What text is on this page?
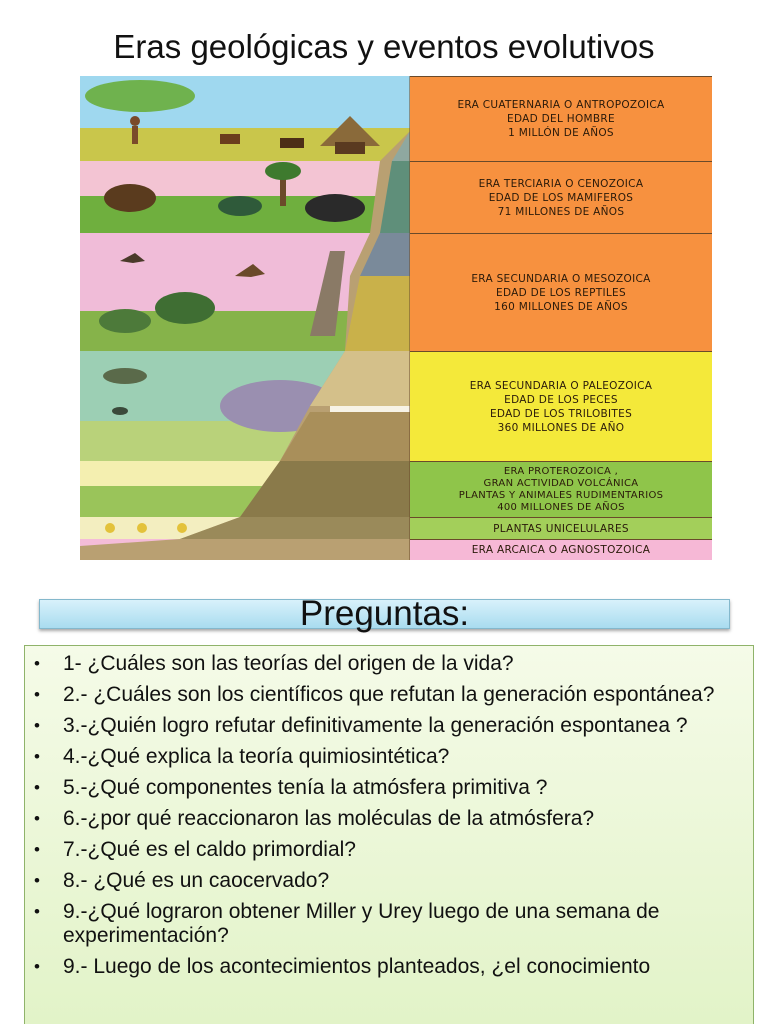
Eras geológicas y eventos evolutivos
ERA CUATERNARIA O ANTROPOZOICA
EDAD DEL HOMBRE
1 MILLÓN DE AÑOS
ERA TERCIARIA O CENOZOICA
EDAD DE LOS MAMIFEROS
71 MILLONES DE AÑOS
ERA SECUNDARIA O MESOZOICA
EDAD DE LOS REPTILES
160 MILLONES DE AÑOS
ERA SECUNDARIA O PALEOZOICA
EDAD DE LOS PECES
EDAD DE LOS TRILOBITES
360 MILLONES DE AÑO
ERA PROTEROZOICA ,
GRAN ACTIVIDAD VOLCÁNICA
PLANTAS Y ANIMALES RUDIMENTARIOS
400 MILLONES DE AÑOS
PLANTAS UNICELULARES
ERA ARCAICA O AGNOSTOZOICA
Preguntas:
• 1- ¿Cuáles son las teorías del origen de la vida?
• 2.- ¿Cuáles son los científicos que refutan la generación espontánea?
• 3.-¿Quién logro refutar definitivamente la generación espontanea ?
• 4.-¿Qué explica la teoría quimiosintética?
• 5.-¿Qué componentes tenía la atmósfera primitiva ?
• 6.-¿por qué reaccionaron las moléculas de la atmósfera?
• 7.-¿Qué es el caldo primordial?
• 8.- ¿Qué es un caocervado?
• 9.-¿Qué lograron obtener Miller y Urey luego de una semana de experimentación?
• 9.- Luego de los acontecimientos planteados, ¿el conocimiento
